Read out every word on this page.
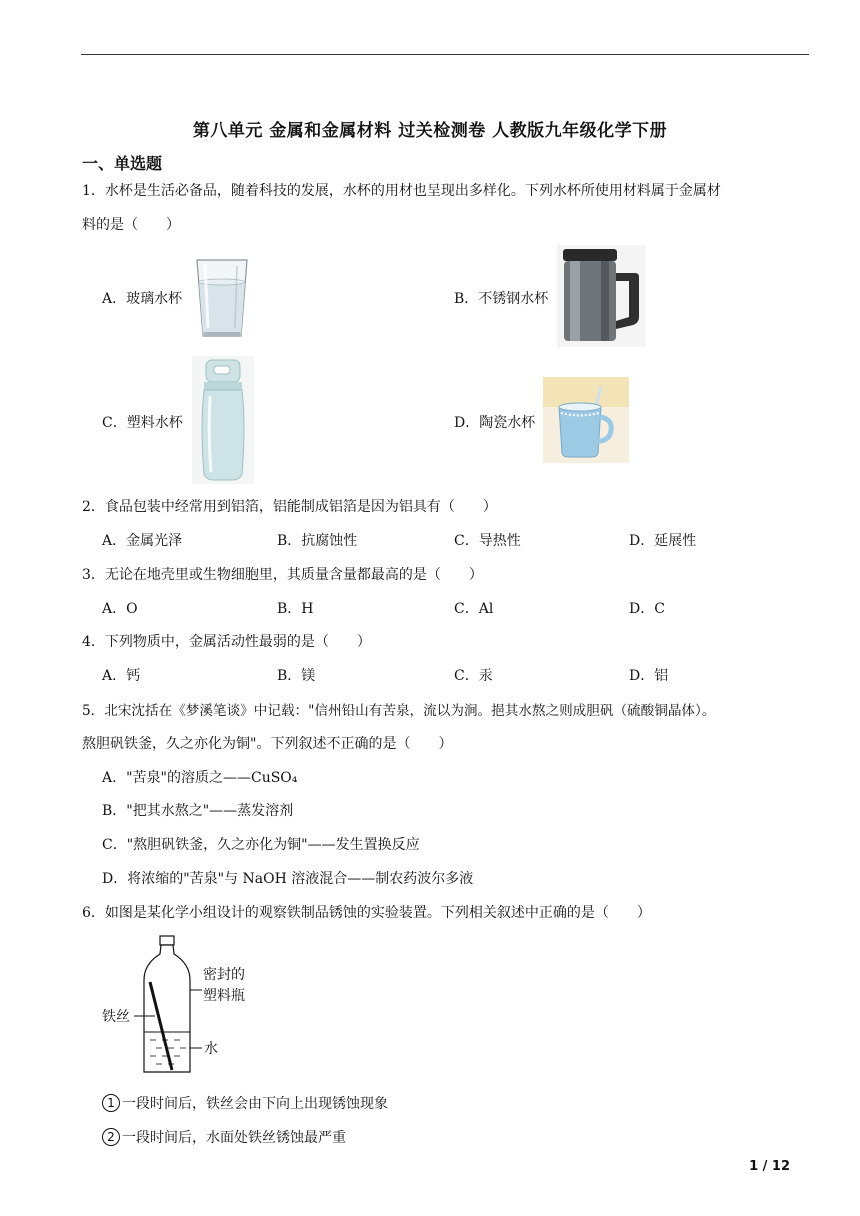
第八单元 金属和金属材料 过关检测卷 人教版九年级化学下册
一、单选题
1．水杯是生活必备品，随着科技的发展，水杯的用材也呈现出多样化。下列水杯所使用材料属于金属材
料的是（　　）
A．玻璃水杯	B．不锈钢水杯
C．塑料水杯	D．陶瓷水杯
2．食品包装中经常用到铝箔，铝能制成铝箔是因为铝具有（　　）
A．金属光泽	B．抗腐蚀性	C．导热性	D．延展性
3．无论在地壳里或生物细胞里，其质量含量都最高的是（　　）
A．O	B．H	C．Al	D．C
4．下列物质中，金属活动性最弱的是（　　）
A．钙	B．镁	C．汞	D．铝
5．北宋沈括在《梦溪笔谈》中记载："信州铅山有苦泉，流以为涧。挹其水熬之则成胆矾（硫酸铜晶体）。
熬胆矾铁釜，久之亦化为铜"。下列叙述不正确的是（　　）
A．"苦泉"的溶质之——CuSO₄
B．"把其水熬之"——蒸发溶剂
C．"熬胆矾铁釜，久之亦化为铜"——发生置换反应
D．将浓缩的"苦泉"与 NaOH 溶液混合——制农药波尔多液
6．如图是某化学小组设计的观察铁制品锈蚀的实验装置。下列相关叙述中正确的是（　　）
密封的
塑料瓶
铁丝
水
1 一段时间后，铁丝会由下向上出现锈蚀现象
2 一段时间后，水面处铁丝锈蚀最严重
1 / 12
